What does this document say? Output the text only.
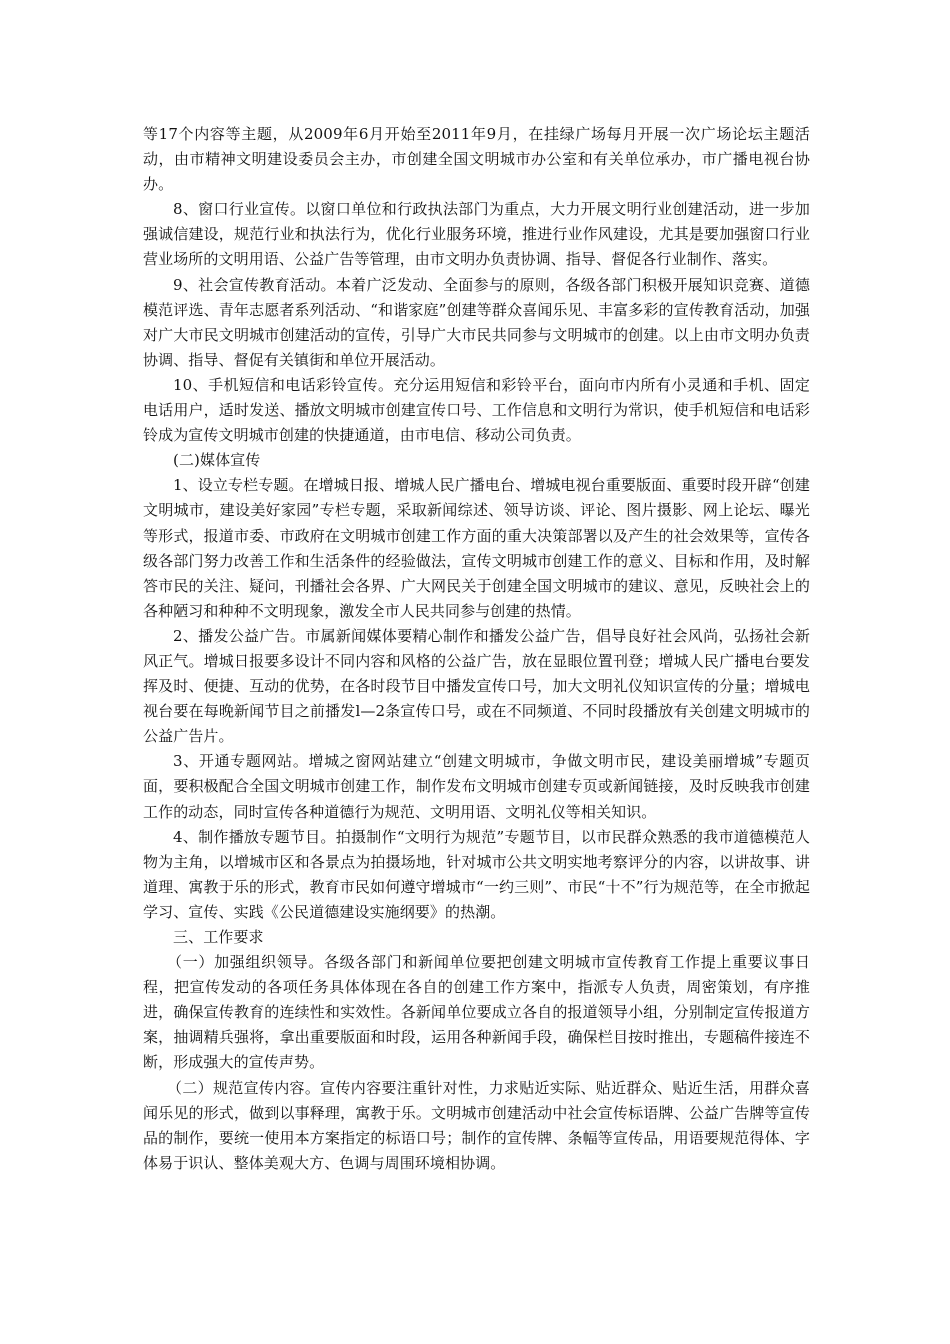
等17个内容等主题，从2009年6月开始至2011年9月，在挂绿广场每月开展一次广场论坛主题活动，由市精神文明建设委员会主办，市创建全国文明城市办公室和有关单位承办，市广播电视台协办。

8、窗口行业宣传。以窗口单位和行政执法部门为重点，大力开展文明行业创建活动，进一步加强诚信建设，规范行业和执法行为，优化行业服务环境，推进行业作风建设，尤其是要加强窗口行业营业场所的文明用语、公益广告等管理，由市文明办负责协调、指导、督促各行业制作、落实。

9、社会宣传教育活动。本着广泛发动、全面参与的原则，各级各部门积极开展知识竞赛、道德模范评选、青年志愿者系列活动、“和谐家庭”创建等群众喜闻乐见、丰富多彩的宣传教育活动，加强对广大市民文明城市创建活动的宣传，引导广大市民共同参与文明城市的创建。以上由市文明办负责协调、指导、督促有关镇街和单位开展活动。

10、手机短信和电话彩铃宣传。充分运用短信和彩铃平台，面向市内所有小灵通和手机、固定电话用户，适时发送、播放文明城市创建宣传口号、工作信息和文明行为常识，使手机短信和电话彩铃成为宣传文明城市创建的快捷通道，由市电信、移动公司负责。

(二)媒体宣传

1、设立专栏专题。在增城日报、增城人民广播电台、增城电视台重要版面、重要时段开辟“创建文明城市，建设美好家园”专栏专题，采取新闻综述、领导访谈、评论、图片摄影、网上论坛、曝光等形式，报道市委、市政府在文明城市创建工作方面的重大决策部署以及产生的社会效果等，宣传各级各部门努力改善工作和生活条件的经验做法，宣传文明城市创建工作的意义、目标和作用，及时解答市民的关注、疑问，刊播社会各界、广大网民关于创建全国文明城市的建议、意见，反映社会上的各种陋习和种种不文明现象，激发全市人民共同参与创建的热情。

2、播发公益广告。市属新闻媒体要精心制作和播发公益广告，倡导良好社会风尚，弘扬社会新风正气。增城日报要多设计不同内容和风格的公益广告，放在显眼位置刊登；增城人民广播电台要发挥及时、便捷、互动的优势，在各时段节目中播发宣传口号，加大文明礼仪知识宣传的分量；增城电视台要在每晚新闻节目之前播发l—2条宣传口号，或在不同频道、不同时段播放有关创建文明城市的公益广告片。

3、开通专题网站。增城之窗网站建立“创建文明城市，争做文明市民，建设美丽增城”专题页面，要积极配合全国文明城市创建工作，制作发布文明城市创建专页或新闻链接，及时反映我市创建工作的动态，同时宣传各种道德行为规范、文明用语、文明礼仪等相关知识。

4、制作播放专题节目。拍摄制作“文明行为规范”专题节目，以市民群众熟悉的我市道德模范人物为主角，以增城市区和各景点为拍摄场地，针对城市公共文明实地考察评分的内容，以讲故事、讲道理、寓教于乐的形式，教育市民如何遵守增城市“一约三则”、市民“十不”行为规范等，在全市掀起学习、宣传、实践《公民道德建设实施纲要》的热潮。

三、工作要求

（一）加强组织领导。各级各部门和新闻单位要把创建文明城市宣传教育工作提上重要议事日程，把宣传发动的各项任务具体体现在各自的创建工作方案中，指派专人负责，周密策划，有序推进，确保宣传教育的连续性和实效性。各新闻单位要成立各自的报道领导小组，分别制定宣传报道方案，抽调精兵强将，拿出重要版面和时段，运用各种新闻手段，确保栏目按时推出，专题稿件接连不断，形成强大的宣传声势。

（二）规范宣传内容。宣传内容要注重针对性，力求贴近实际、贴近群众、贴近生活，用群众喜闻乐见的形式，做到以事释理，寓教于乐。文明城市创建活动中社会宣传标语牌、公益广告牌等宣传品的制作，要统一使用本方案指定的标语口号；制作的宣传牌、条幅等宣传品，用语要规范得体、字体易于识认、整体美观大方、色调与周围环境相协调。
